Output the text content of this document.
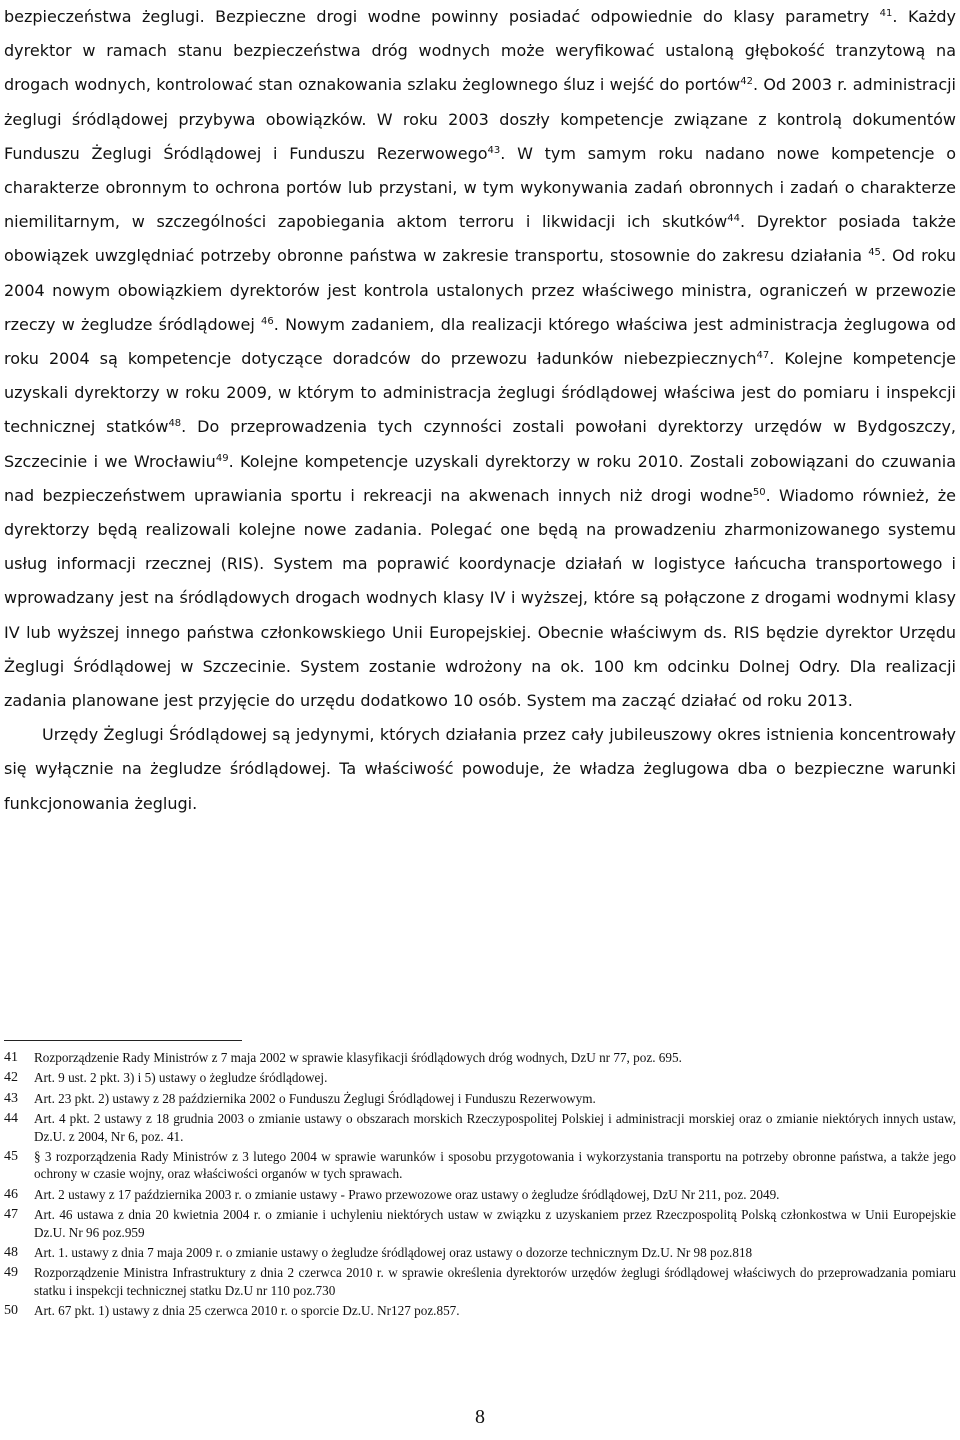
bezpieczeństwa żeglugi. Bezpieczne drogi wodne powinny posiadać odpowiednie do klasy parametry $^{41}$. Każdy dyrektor w ramach stanu bezpieczeństwa dróg wodnych może weryfikować ustaloną głębokość tranzytową na drogach wodnych, kontrolować stan oznakowania szlaku żeglownego śluz i wejść do portów$^{42}$. Od 2003 r. administracji żeglugi śródlądowej przybywa obowiązków. W roku 2003 doszły kompetencje związane z kontrolą dokumentów Funduszu Żeglugi Śródlądowej i Funduszu Rezerwowego$^{43}$. W tym samym roku nadano nowe kompetencje o charakterze obronnym to ochrona portów lub przystani, w tym wykonywania zadań obronnych i zadań o charakterze niemilitarnym, w szczególności zapobiegania aktom terroru i likwidacji ich skutków$^{44}$. Dyrektor posiada także obowiązek uwzględniać potrzeby obronne państwa w zakresie transportu, stosownie do zakresu działania $^{45}$. Od roku 2004 nowym obowiązkiem dyrektorów jest kontrola ustalonych przez właściwego ministra, ograniczeń w przewozie rzeczy w żegludze śródlądowej $^{46}$. Nowym zadaniem, dla realizacji którego właściwa jest administracja żeglugowa od roku 2004 są kompetencje dotyczące doradców do przewozu ładunków niebezpiecznych$^{47}$. Kolejne kompetencje uzyskali dyrektorzy w roku 2009, w którym to administracja żeglugi śródlądowej właściwa jest do pomiaru i inspekcji technicznej statków$^{48}$. Do przeprowadzenia tych czynności zostali powołani dyrektorzy urzędów w Bydgoszczy, Szczecinie i we Wrocławiu$^{49}$. Kolejne kompetencje uzyskali dyrektorzy w roku 2010. Zostali zobowiązani do czuwania nad bezpieczeństwem uprawiania sportu i rekreacji na akwenach innych niż drogi wodne$^{50}$. Wiadomo również, że dyrektorzy będą realizowali kolejne nowe zadania. Polegać one będą na prowadzeniu zharmonizowanego systemu usług informacji rzecznej (RIS). System ma poprawić koordynacje działań w logistyce łańcucha transportowego i wprowadzany jest na śródlądowych drogach wodnych klasy IV i wyższej, które są połączone z drogami wodnymi klasy IV lub wyższej innego państwa członkowskiego Unii Europejskiej. Obecnie właściwym ds. RIS będzie dyrektor Urzędu Żeglugi Śródlądowej w Szczecinie. System zostanie wdrożony na ok. 100 km odcinku Dolnej Odry. Dla realizacji zadania planowane jest przyjęcie do urzędu dodatkowo 10 osób. System ma zacząć działać od roku 2013.

Urzędy Żeglugi Śródlądowej są jedynymi, których działania przez cały jubileuszowy okres istnienia koncentrowały się wyłącznie na żegludze śródlądowej. Ta właściwość powoduje, że władza żeglugowa dba o bezpieczne warunki funkcjonowania żeglugi.

41	Rozporządzenie Rady Ministrów z 7 maja 2002 w sprawie klasyfikacji śródlądowych dróg wodnych, DzU nr 77, poz. 695.
42	Art. 9 ust. 2 pkt. 3) i 5) ustawy o żegludze śródlądowej.
43	Art. 23 pkt. 2) ustawy z 28 października 2002 o Funduszu Żeglugi Śródlądowej i Funduszu Rezerwowym.
44	Art. 4 pkt. 2 ustawy z 18 grudnia 2003 o zmianie ustawy o obszarach morskich Rzeczypospolitej Polskiej i administracji morskiej oraz o zmianie niektórych innych ustaw, Dz.U. z 2004, Nr 6, poz. 41.
45	§ 3 rozporządzenia Rady Ministrów z 3 lutego 2004 w sprawie warunków i sposobu przygotowania i wykorzystania transportu na potrzeby obronne państwa, a także jego ochrony w czasie wojny, oraz właściwości organów w tych sprawach.
46	Art. 2 ustawy z 17 października 2003 r. o zmianie ustawy - Prawo przewozowe oraz ustawy o żegludze śródlądowej, DzU Nr 211, poz. 2049.
47	Art. 46 ustawa z dnia 20 kwietnia 2004 r. o zmianie i uchyleniu niektórych ustaw w związku z uzyskaniem przez Rzeczpospolitą Polską członkostwa w Unii Europejskie Dz.U. Nr 96 poz.959
48	Art. 1. ustawy z dnia 7 maja 2009 r. o zmianie ustawy o żegludze śródlądowej oraz ustawy o dozorze technicznym Dz.U. Nr 98 poz.818
49	Rozporządzenie Ministra Infrastruktury z dnia 2 czerwca 2010 r. w sprawie określenia dyrektorów urzędów żeglugi śródlądowej właściwych do przeprowadzania pomiaru statku i inspekcji technicznej statku Dz.U nr 110 poz.730
50	Art. 67 pkt. 1) ustawy z dnia 25 czerwca 2010 r. o sporcie Dz.U. Nr127 poz.857.
8
